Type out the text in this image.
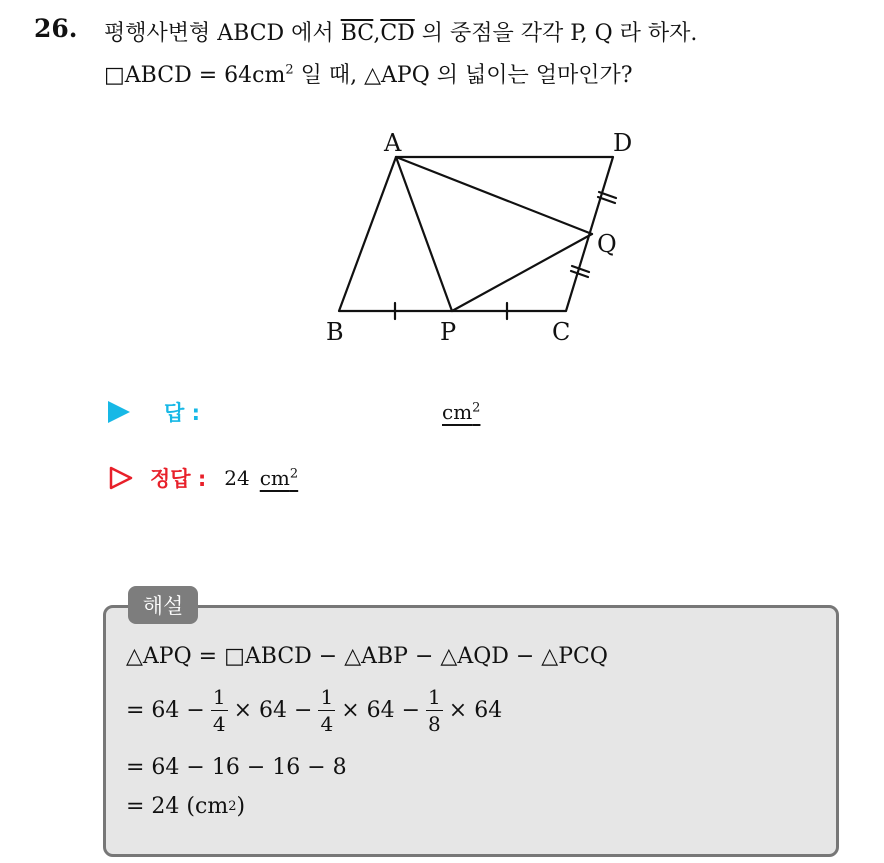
26. 평행사변형 ABCD 에서 $\overline{BC},\overline{CD}$ 의 중점을 각각 P, Q 라 하자.
□ABCD = $64cm^2$ 일 때, △APQ 의 넓이는 얼마인가?
A	D
Q
B	P	C
답 :	$cm^2$
정답 : 24 $cm^2$
해설
△APQ = □ABCD − △ABP − △AQD − △PCQ
= $64 - \frac{1}{4} \times 64 - \frac{1}{4} \times 64 - \frac{1}{8} \times 64$
= 64 − 16 − 16 − 8
= 24 (cm 2 )
